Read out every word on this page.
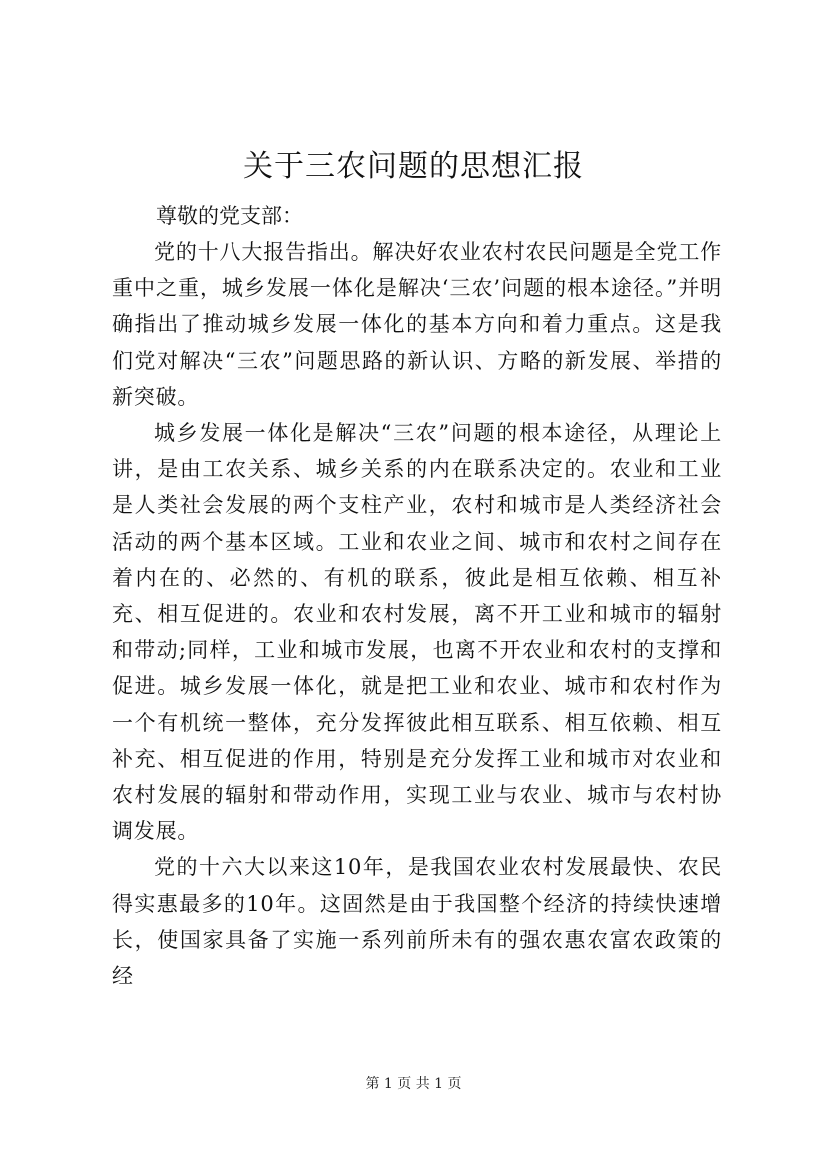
关于三农问题的思想汇报

尊敬的党支部：

党的十八大报告指出。解决好农业农村农民问题是全党工作重中之重，城乡发展一体化是解决‘三农’问题的根本途径。”并明确指出了推动城乡发展一体化的基本方向和着力重点。这是我们党对解决“三农”问题思路的新认识、方略的新发展、举措的新突破。

城乡发展一体化是解决“三农”问题的根本途径，从理论上讲，是由工农关系、城乡关系的内在联系决定的。农业和工业是人类社会发展的两个支柱产业，农村和城市是人类经济社会活动的两个基本区域。工业和农业之间、城市和农村之间存在着内在的、必然的、有机的联系，彼此是相互依赖、相互补充、相互促进的。农业和农村发展，离不开工业和城市的辐射和带动;同样，工业和城市发展，也离不开农业和农村的支撑和促进。城乡发展一体化，就是把工业和农业、城市和农村作为一个有机统一整体，充分发挥彼此相互联系、相互依赖、相互补充、相互促进的作用，特别是充分发挥工业和城市对农业和农村发展的辐射和带动作用，实现工业与农业、城市与农村协调发展。

党的十六大以来这10年，是我国农业农村发展最快、农民得实惠最多的10年。这固然是由于我国整个经济的持续快速增长，使国家具备了实施一系列前所未有的强农惠农富农政策的经

第 1 页 共 1 页
